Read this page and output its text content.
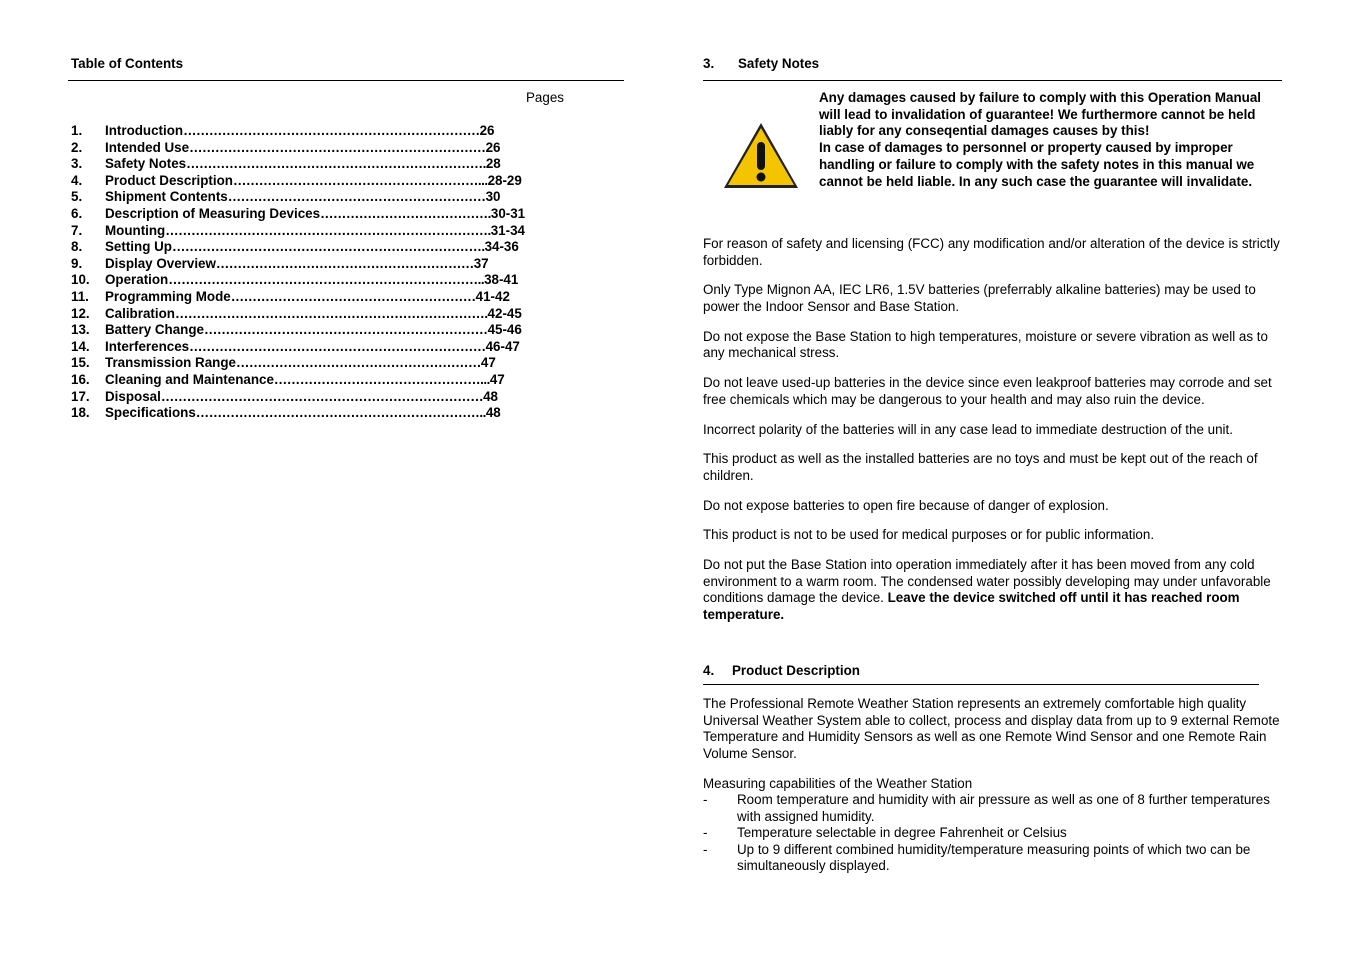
Table of Contents
Pages
1.	Introduction …………………………………………………………… 26
2.	Intended Use …………………………………………………………… 26
3.	Safety Notes ……………………………………………………………. 28
4.	Product Description …………………………………………………... 28-29
5.	Shipment Contents …………………………………………………… 30
6.	Description of Measuring Devices …………………………………. 30-31
7.	Mounting …………………………………………………………………. 31-34
8.	Setting Up ………………………………………………………………. 34-36
9.	Display Overview …………………………………………………… 37
10.	Operation ……………………………………………………………….. 38-41
11.	Programming Mode ………………………………………………… 41-42
12.	Calibration ………………………………………………………………. 42-45
13.	Battery Change ………………………………………………………… 45-46
14.	Interferences …………………………………………………………… 46-47
15.	Transmission Range ………………………………………………… 47
16.	Cleaning and Maintenance …………………………………………... 47
17.	Disposal ………………………………………………………………… 48
18.	Specifications ………………………………………………………….. 48
3.	Safety Notes

Any damages caused by failure to comply with this Operation Manual will lead to invalidation of guarantee! We furthermore cannot be held liably for any conseqential damages causes by this!

In case of damages to personnel or property caused by improper handling or failure to comply with the safety notes in this manual we cannot be held liable. In any such case the guarantee will invalidate.

For reason of safety and licensing (FCC) any modification and/or alteration of the device is strictly forbidden.

Only Type Mignon AA, IEC LR6, 1.5V batteries (preferrably alkaline batteries) may be used to power the Indoor Sensor and Base Station.

Do not expose the Base Station to high temperatures, moisture or severe vibration as well as to any mechanical stress.

Do not leave used-up batteries in the device since even leakproof batteries may corrode and set free chemicals which may be dangerous to your health and may also ruin the device.

Incorrect polarity of the batteries will in any case lead to immediate destruction of the unit.

This product as well as the installed batteries are no toys and must be kept out of the reach of children.

Do not expose batteries to open fire because of danger of explosion.

This product is not to be used for medical purposes or for public information.

Do not put the Base Station into operation immediately after it has been moved from any cold environment to a warm room. The condensed water possibly developing may under unfavorable conditions damage the device. Leave the device switched off until it has reached room temperature.

4.	Product Description

The Professional Remote Weather Station represents an extremely comfortable high quality Universal Weather System able to collect, process and display data from up to 9 external Remote Temperature and Humidity Sensors as well as one Remote Wind Sensor and one Remote Rain Volume Sensor.

Measuring capabilities of the Weather Station
-	Room temperature and humidity with air pressure as well as one of 8 further temperatures with assigned humidity.
-	Temperature selectable in degree Fahrenheit or Celsius
-	Up to 9 different combined humidity/temperature measuring points of which two can be simultaneously displayed.
